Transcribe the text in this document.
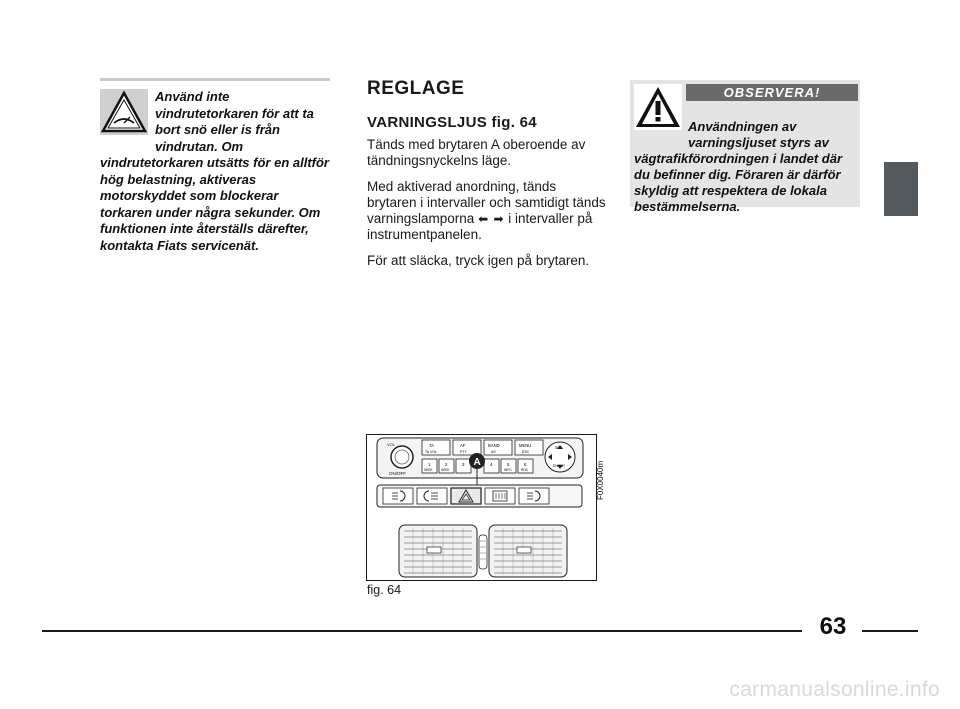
Använd inte vindrutetorkaren för att ta bort snö eller is från vindrutan. Om vindrutetorkaren utsätts för en alltför hög belastning, aktiveras motorskyddet som blockerar torkaren under några sekunder. Om funktionen inte återställs därefter, kontakta Fiats servicenät.

REGLAGE
VARNINGSLJUS fig. 64

Tänds med brytaren A oberoende av tändningsnyckelns läge.

Med aktiverad anordning, tänds brytaren i intervaller och samtidigt tänds varningslamporna ⬅ ➡ i intervaller på instrumentpanelen.

För att släcka, tryck igen på brytaren.

OBSERVERA!

Användningen av varningsljuset styrs av vägtrafikförordningen i landet där du befinner dig. Föraren är därför skyldig att respektera de lokala bestämmelserna.

ON/OFF
VOL	TA	AF	BAND	MENU
TA VOL	PTY	AS	ESC
1	2	3	4	5	6
SEEK	SEEK	INFO	RDS
SRC
ENTER
A	F0X0040m
fig. 64
63
carmanualsonline.info
